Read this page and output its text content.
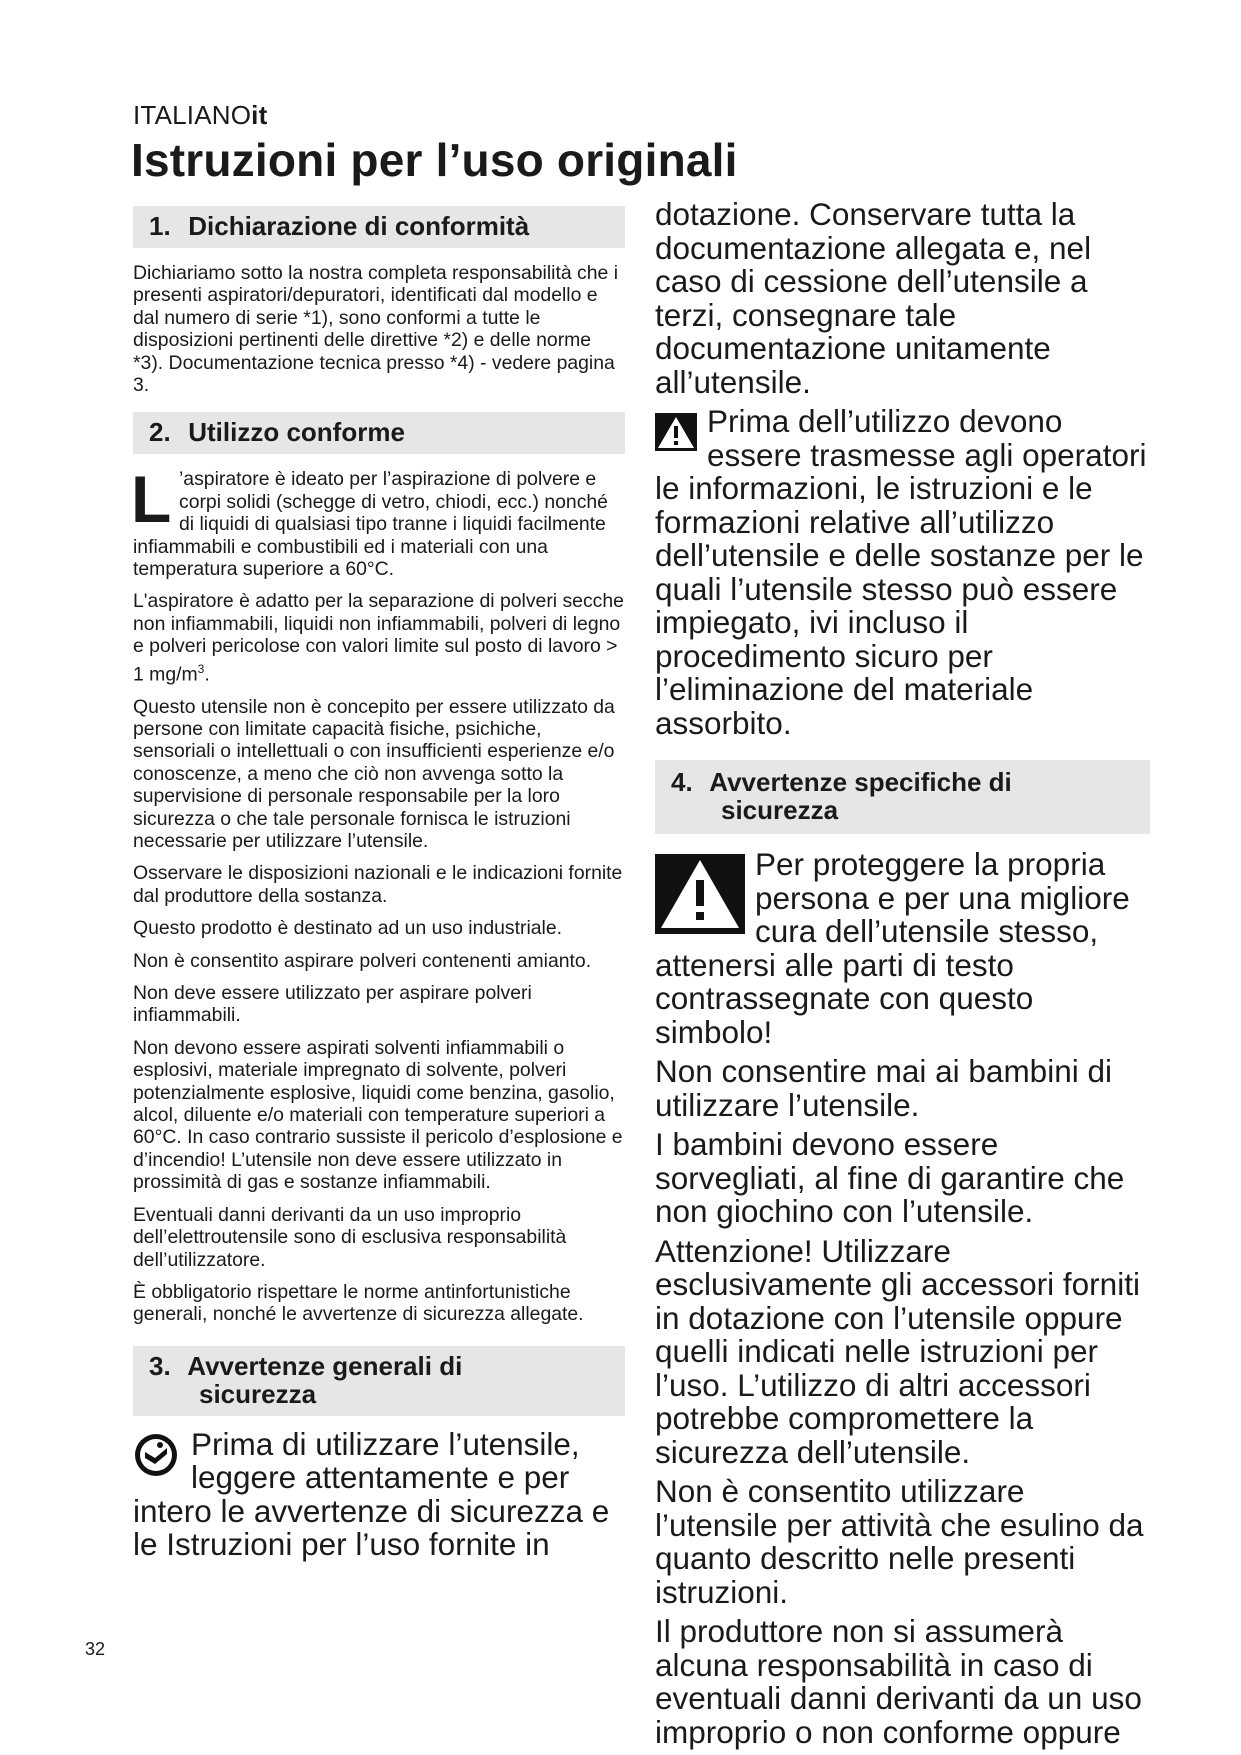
ITALIANOit
Istruzioni per l’uso originali
1. Dichiarazione di conformità

Dichiariamo sotto la nostra completa responsabilità che i presenti aspiratori/depuratori, identificati dal modello e dal numero di serie *1), sono conformi a tutte le disposizioni pertinenti delle direttive *2) e delle norme *3). Documentazione tecnica presso *4) - vedere pagina 3.

2. Utilizzo conforme

L ’aspiratore è ideato per l’aspirazione di polvere e corpi solidi (schegge di vetro, chiodi, ecc.) nonché di liquidi di qualsiasi tipo tranne i liquidi facilmente infiammabili e combustibili ed i materiali con una temperatura superiore a 60°C.

L'aspiratore è adatto per la separazione di polveri secche non infiammabili, liquidi non infiammabili, polveri di legno e polveri pericolose con valori limite sul posto di lavoro > 1 $mg/m^3$.

Questo utensile non è concepito per essere utilizzato da persone con limitate capacità fisiche, psichiche, sensoriali o intellettuali o con insufficienti esperienze e/o conoscenze, a meno che ciò non avvenga sotto la supervisione di personale responsabile per la loro sicurezza o che tale personale fornisca le istruzioni necessarie per utilizzare l’utensile.

Osservare le disposizioni nazionali e le indicazioni fornite dal produttore della sostanza.

Questo prodotto è destinato ad un uso industriale.

Non è consentito aspirare polveri contenenti amianto.

Non deve essere utilizzato per aspirare polveri infiammabili.

Non devono essere aspirati solventi infiammabili o esplosivi, materiale impregnato di solvente, polveri potenzialmente esplosive, liquidi come benzina, gasolio, alcol, diluente e/o materiali con temperature superiori a 60°C. In caso contrario sussiste il pericolo d’esplosione e d’incendio! L’utensile non deve essere utilizzato in prossimità di gas e sostanze infiammabili.

Eventuali danni derivanti da un uso improprio dell’elettroutensile sono di esclusiva responsabilità dell’utilizzatore.

È obbligatorio rispettare le norme antinfortunistiche generali, nonché le avvertenze di sicurezza allegate.

3. Avvertenze generali di
sicurezza

Prima di utilizzare l’utensile, leggere attentamente e per intero le avvertenze di sicurezza e le Istruzioni per l’uso fornite in

dotazione. Conservare tutta la documentazione allegata e, nel caso di cessione dell’utensile a terzi, consegnare tale documentazione unitamente all’utensile.

Prima dell’utilizzo devono essere trasmesse agli operatori le informazioni, le istruzioni e le formazioni relative all’utilizzo dell’utensile e delle sostanze per le quali l’utensile stesso può essere impiegato, ivi incluso il procedimento sicuro per l’eliminazione del materiale assorbito.

4. Avvertenze specifiche di
sicurezza

Per proteggere la propria persona e per una migliore cura dell’utensile stesso, attenersi alle parti di testo contrassegnate con questo simbolo!

Non consentire mai ai bambini di utilizzare l’utensile.

I bambini devono essere sorvegliati, al fine di garantire che non giochino con l’utensile.

Attenzione! Utilizzare esclusivamente gli accessori forniti in dotazione con l’utensile oppure quelli indicati nelle istruzioni per l’uso. L’utilizzo di altri accessori potrebbe compromettere la sicurezza dell’utensile.

Non è consentito utilizzare l’utensile per attività che esulino da quanto descritto nelle presenti istruzioni.

Il produttore non si assumerà alcuna responsabilità in caso di eventuali danni derivanti da un uso improprio o non conforme oppure

32
